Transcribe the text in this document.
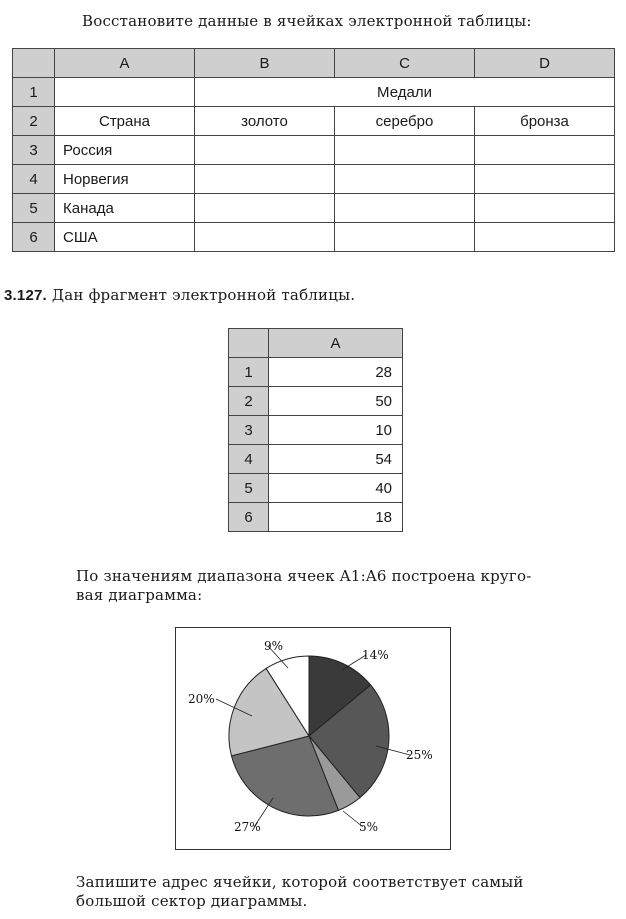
Восстановите данные в ячейках электронной таблицы:
	A	B	C	D
1		Медали		
2	Страна	золото	серебро	бронза
3	Россия			
4	Норвегия			
5	Канада			
6	США			
3.127. Дан фрагмент электронной таблицы.
	A
1	28
2	50
3	10
4	54
5	40
6	18
По значениям диапазона ячеек A1:A6 построена круго-
вая диаграмма:
14%
25%
5%
27%
20%
9%
Запишите адрес ячейки, которой соответствует самый
большой сектор диаграммы.
